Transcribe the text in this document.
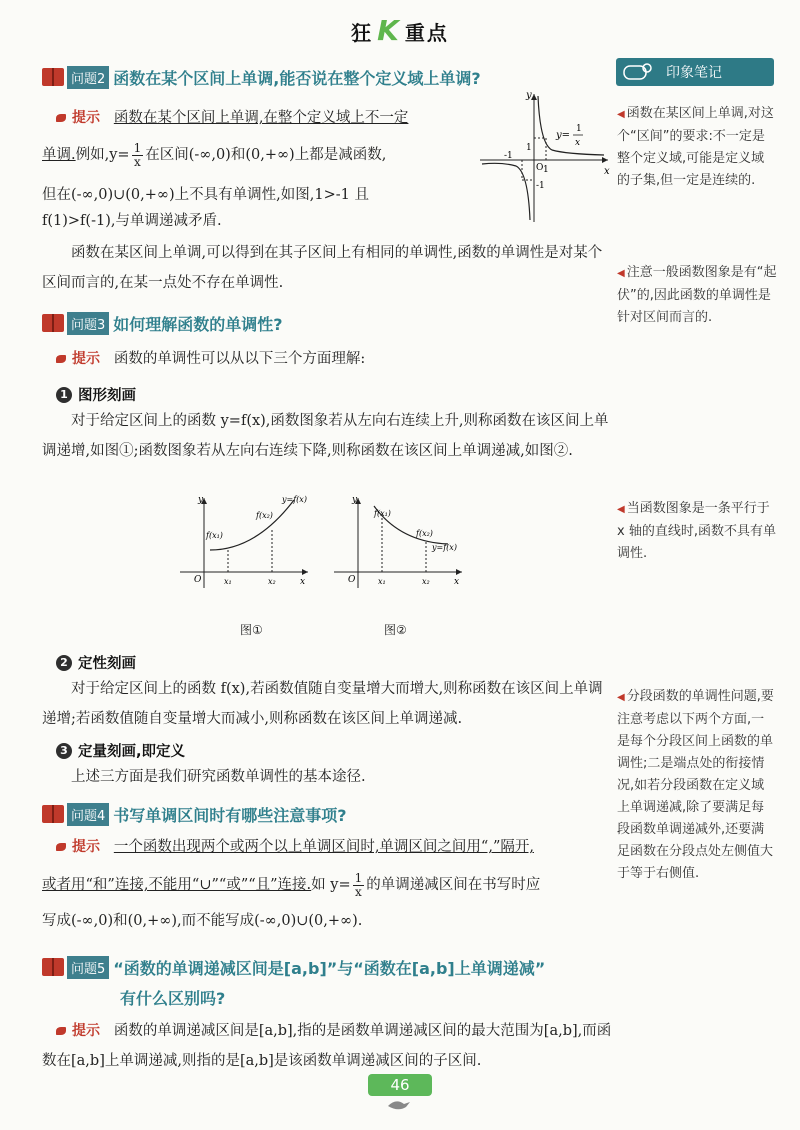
狂 K 重点
印象笔记
问题2 函数在某个区间上单调,能否说在整个定义域上单调?
提示 函数在某个区间上单调,在整个定义域上不一定
单调.例如$,y= \frac{1}{x}$ 在区间(-∞,0)和(0,+∞)上都是减函数,
但在(-∞,0)∪(0,+∞)上不具有单调性,如图,1>-1 且
f(1)>f(-1),与单调递减矛盾.
函数在某区间上单调,可以得到在其子区间上有相同的单调性,函数的单调性是对某个区间而言的,在某一点处不存在单调性.
y
x
O
-1
1
-1
1
y=
1
x
问题3 如何理解函数的单调性?
提示 函数的单调性可以从以下三个方面理解:
1 图形刻画
对于给定区间上的函数 y=f(x),函数图象若从左向右连续上升,则称函数在该区间上单调递增,如图①;函数图象若从左向右连续下降,则称函数在该区间上单调递减,如图②.
y
x
O	x₁	x₂
f(x₁)
f(x₂)
y=f(x)
图①
y
x
O	x₁	x₂
f(x₁)
f(x₂)
y=f(x)
图②
2 定性刻画
对于给定区间上的函数 f(x),若函数值随自变量增大而增大,则称函数在该区间上单调递增;若函数值随自变量增大而减小,则称函数在该区间上单调递减.
3 定量刻画,即定义
上述三方面是我们研究函数单调性的基本途径.
问题4 书写单调区间时有哪些注意事项?
提示 一个函数出现两个或两个以上单调区间时,单调区间之间用“,”隔开,
或者用“和”连接,不能用“∪”“或”“且”连接.如 $y= \frac{1}{x}$ 的单调递减区间在书写时应
写成(-∞,0)和(0,+∞),而不能写成(-∞,0)∪(0,+∞).
问题5 “函数的单调递减区间是[a,b]”与“函数在[a,b]上单调递减”
有什么区别吗?
提示 函数的单调递减区间是[a,b],指的是函数单调递减区间的最大范围为[a,b],而函数在[a,b]上单调递减,则指的是[a,b]是该函数单调递减区间的子区间.
◀ 函数在某区间上单调,对这个“区间”的要求:不一定是整个定义域,可能是定义域的子集,但一定是连续的.
◀ 注意一般函数图象是有“起伏”的,因此函数的单调性是针对区间而言的.
◀ 当函数图象是一条平行于 x 轴的直线时,函数不具有单调性.
◀ 分段函数的单调性问题,要注意考虑以下两个方面,一是每个分段区间上函数的单调性;二是端点处的衔接情况,如若分段函数在定义域上单调递减,除了要满足每段函数单调递减外,还要满足函数在分段点处左侧值大于等于右侧值.
46
